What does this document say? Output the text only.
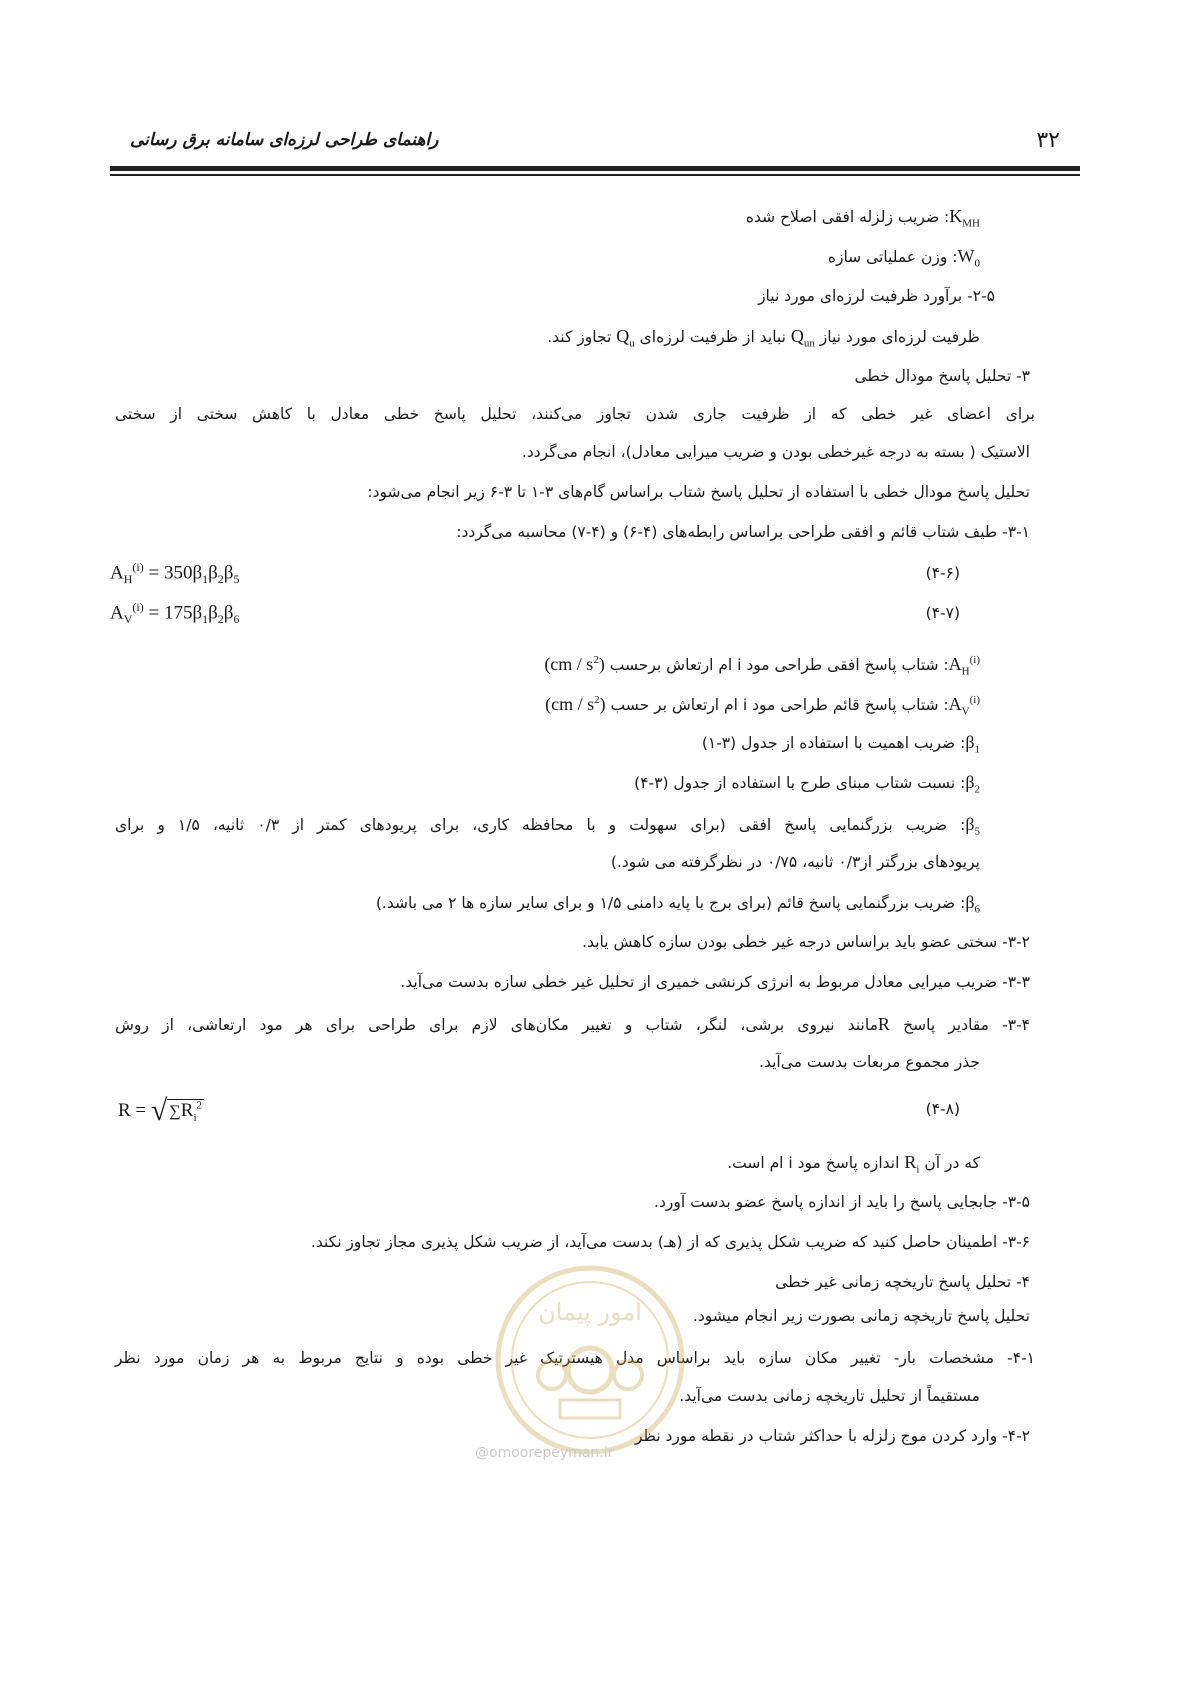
۳۲
راهنمای طراحی لرزه‌ای سامانه برق رسانی
$K_{MH}$: ضریب زلزله افقی اصلاح شده
$W_0$: وزن عملیاتی سازه
۲-۵- برآورد ظرفیت لرزه‌ای مورد نیاز
ظرفیت لرزه‌ای مورد نیاز $Q_{un}$ نباید از ظرفیت لرزه‌ای $Q_u$ تجاوز کند.
۳- تحلیل پاسخ مودال خطی
برای اعضای غیر خطی که از ظرفیت جاری شدن تجاوز می‌کنند، تحلیل پاسخ خطی معادل با کاهش سختی از سختی
الاستیک ( بسته به درجه غیرخطی بودن و ضریب میرایی معادل)، انجام می‌گردد.
تحلیل پاسخ مودال خطی با استفاده از تحلیل پاسخ شتاب براساس گام‌های ۳-۱ تا ۳-۶ زیر انجام می‌شود:
۳-۱- طیف شتاب قائم و افقی طراحی براساس رابطه‌های (۴-۶) و (۴-۷) محاسبه می‌گردد:
$A_H^{(i)} = 350\beta_1\beta_2\beta_5$	(۴-۶)
$A_V^{(i)} = 175\beta_1\beta_2\beta_6$	(۴-۷)
$A_H^{(i)}$: شتاب پاسخ افقی طراحی مود i ام ارتعاش برحسب $(cm / s^2)$
$A_V^{(i)}$: شتاب پاسخ قائم طراحی مود i ام ارتعاش بر حسب $(cm / s^2)$
$\beta_1$: ضریب اهمیت با استفاده از جدول (۳-۱)
$\beta_2$: نسبت شتاب مبنای طرح با استفاده از جدول (۳-۴)
$\beta_5$: ضریب بزرگنمایی پاسخ افقی (برای سهولت و با محافظه کاری، برای پریودهای کمتر از ۰/۳ ثانیه، ۱/۵ و برای
پریودهای بزرگتر از۰/۳ ثانیه، ۰/۷۵ در نظرگرفته می شود.)
$\beta_6$: ضریب بزرگنمایی پاسخ قائم (برای برج با پایه دامنی ۱/۵ و برای سایر سازه ها ۲ می باشد.)
۳-۲- سختی عضو باید براساس درجه غیر خطی بودن سازه کاهش یابد.
۳-۳- ضریب میرایی معادل مربوط به انرژی کرنشی خمیری از تحلیل غیر خطی سازه بدست می‌آید.
۳-۴- مقادیر پاسخ Rمانند نیروی برشی، لنگر، شتاب و تغییر مکان‌های لازم برای طراحی برای هر مود ارتعاشی، از روش
جذر مجموع مربعات بدست می‌آید.
R = √ $\sum R_i^2$	(۴-۸)
که در آن $R_i$ اندازه پاسخ مود i ام است.
۳-۵- جابجایی پاسخ را باید از اندازه پاسخ عضو بدست آورد.
۳-۶- اطمینان حاصل کنید که ضریب شکل پذیری که از (هـ) بدست می‌آید، از ضریب شکل پذیری مجاز تجاوز نکند.
۴- تحلیل پاسخ تاریخچه زمانی غیر خطی
تحلیل پاسخ تاریخچه زمانی بصورت زیر انجام میشود.
۴-۱- مشخصات بار- تغییر مکان سازه باید براساس مدل هیسترتیک غیر خطی بوده و نتایج مربوط به هر زمان مورد نظر
مستقیماً از تحلیل تاریخچه زمانی بدست می‌آید.
۴-۲- وارد کردن موج زلزله با حداکثر شتاب در نقطه مورد نظر
امور پیمان
@omoorepeyman.ir
